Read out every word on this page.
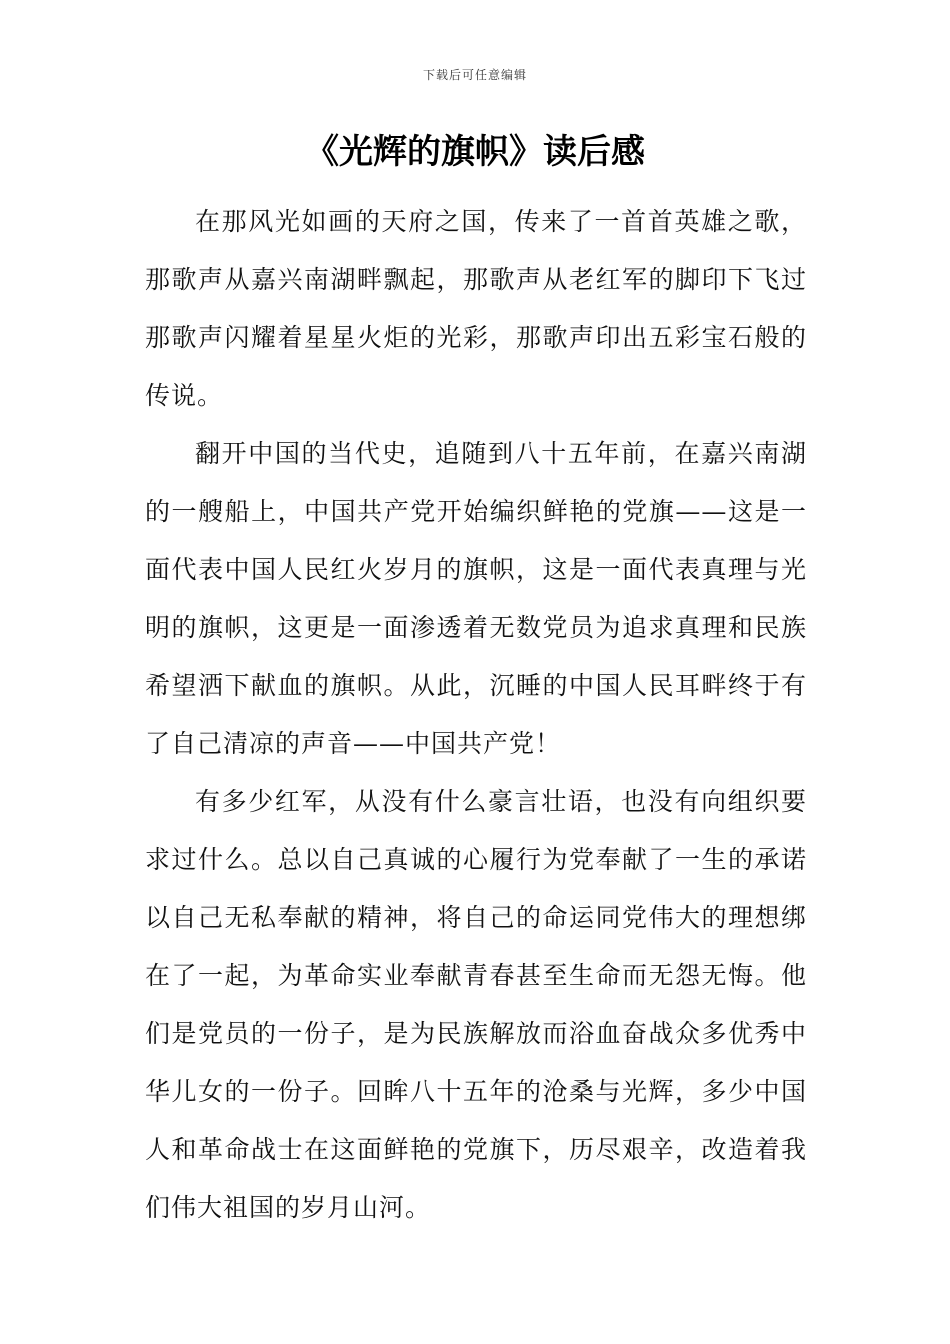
下载后可任意编辑
《光辉的旗帜》读后感

在那风光如画的天府之国，传来了一首首英雄之歌，那歌声从嘉兴南湖畔飘起，那歌声从老红军的脚印下飞过那歌声闪耀着星星火炬的光彩，那歌声印出五彩宝石般的传说。

翻开中国的当代史，追随到八十五年前，在嘉兴南湖的一艘船上，中国共产党开始编织鲜艳的党旗——这是一面代表中国人民红火岁月的旗帜，这是一面代表真理与光明的旗帜，这更是一面渗透着无数党员为追求真理和民族希望洒下献血的旗帜。从此，沉睡的中国人民耳畔终于有了自己清凉的声音——中国共产党！

有多少红军，从没有什么豪言壮语，也没有向组织要求过什么。总以自己真诚的心履行为党奉献了一生的承诺以自己无私奉献的精神，将自己的命运同党伟大的理想绑在了一起，为革命实业奉献青春甚至生命而无怨无悔。他们是党员的一份子，是为民族解放而浴血奋战众多优秀中华儿女的一份子。回眸八十五年的沧桑与光辉，多少中国人和革命战士在这面鲜艳的党旗下，历尽艰辛，改造着我们伟大祖国的岁月山河。
